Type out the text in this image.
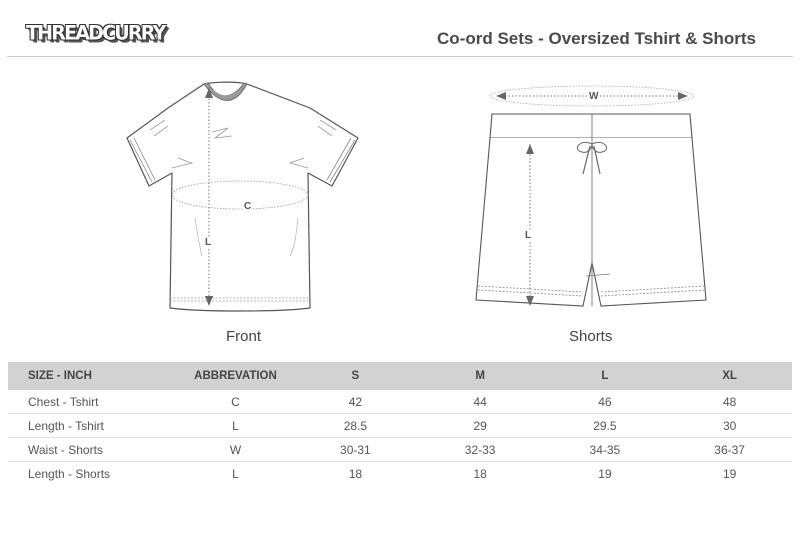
THREADCURRY	Co-ord Sets - Oversized Tshirt & Shorts
C
L
Front
W
L
Shorts
SIZE - INCH	ABBREVATION	S	M	L	XL
Chest - Tshirt	C	42	44	46	48
Length - Tshirt	L	28.5	29	29.5	30
Waist - Shorts	W	30-31	32-33	34-35	36-37
Length - Shorts	L	18	18	19	19
